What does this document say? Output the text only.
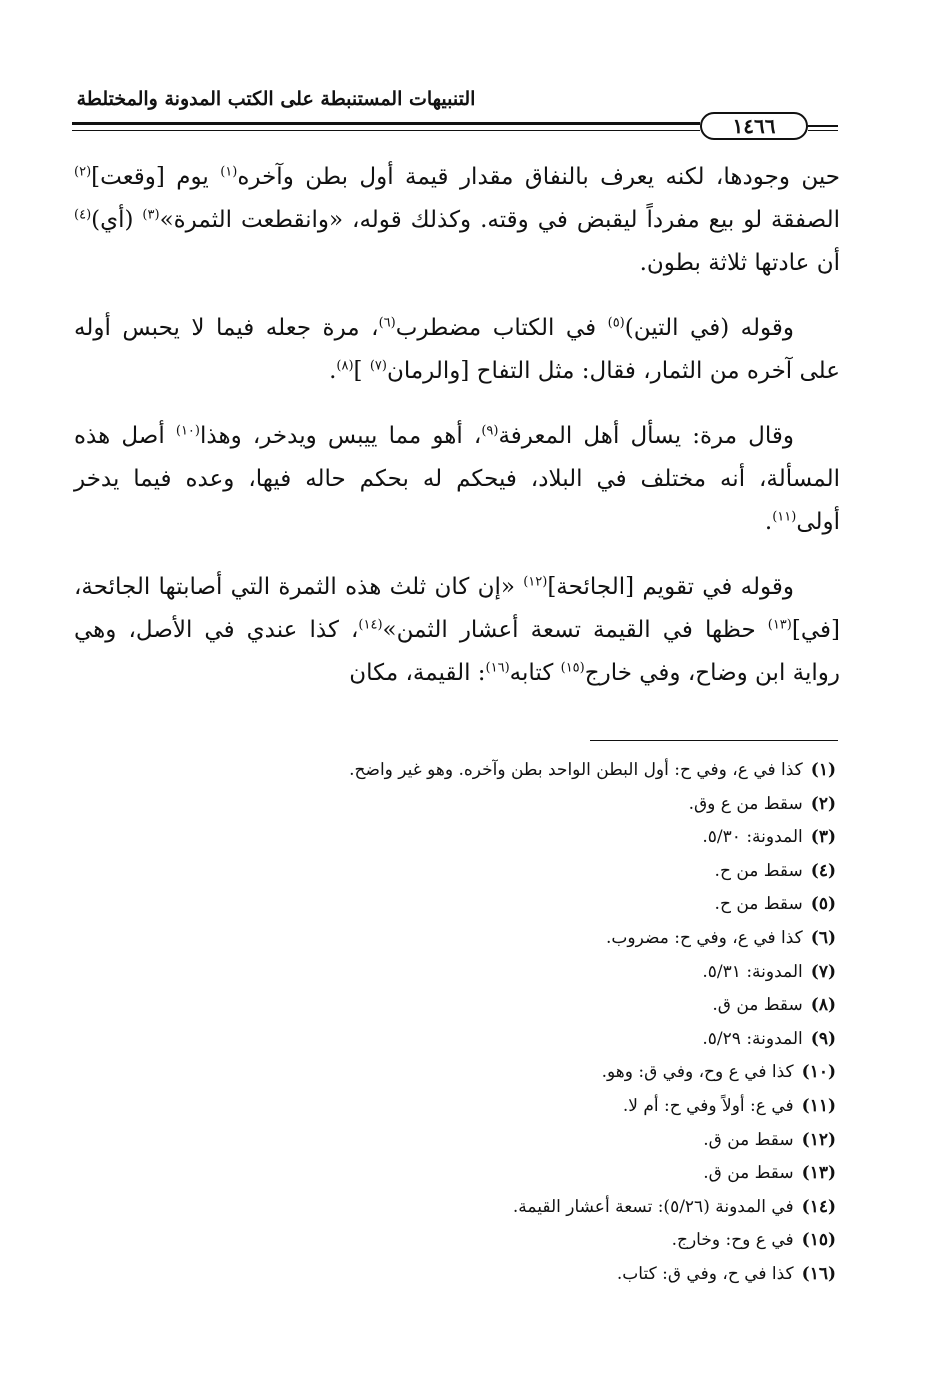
التنبيهات المستنبطة على الكتب المدونة والمختلطة
١٤٦٦

حين وجودها، لكنه يعرف بالنفاق مقدار قيمة أول بطن وآخره$^{(١)}$ يوم [وقعت]$^{(٢)}$ الصفقة لو بيع مفرداً ليقبض في وقته. وكذلك قوله، «وانقطعت الثمرة»$^{(٣)}$ (أي)$^{(٤)}$ أن عادتها ثلاثة بطون.

وقوله (في التين)$^{(٥)}$ في الكتاب مضطرب$^{(٦)}$، مرة جعله فيما لا يحبس أوله على آخره من الثمار، فقال: مثل التفاح [والرمان$^{(٧)}$ ]$^{(٨)}$.

وقال مرة: يسأل أهل المعرفة$^{(٩)}$، أهو مما ييبس ويدخر، وهذا$^{(١٠)}$ أصل هذه المسألة، أنه مختلف في البلاد، فيحكم له بحكم حاله فيها، وعده فيما يدخر أولى$^{(١١)}$.

وقوله في تقويم [الجائحة]$^{(١٢)}$ «إن كان ثلث هذه الثمرة التي أصابتها الجائحة، [في]$^{(١٣)}$ حظها في القيمة تسعة أعشار الثمن»$^{(١٤)}$، كذا عندي في الأصل، وهي رواية ابن وضاح، وفي خارج$^{(١٥)}$ كتابه$^{(١٦)}$: القيمة، مكان

(١)كذا في ع، وفي ح: أول البطن الواحد بطن وآخره. وهو غير واضح.
(٢)سقط من ع وق.
(٣)المدونة: ٥/٣٠.
(٤)سقط من ح.
(٥)سقط من ح.
(٦)كذا في ع، وفي ح: مضروب.
(٧)المدونة: ٥/٣١.
(٨)سقط من ق.
(٩)المدونة: ٥/٢٩.
(١٠)كذا في ع وح، وفي ق: وهو.
(١١)في ع: أولاً وفي ح: أم لا.
(١٢)سقط من ق.
(١٣)سقط من ق.
(١٤)في المدونة (٥/٢٦): تسعة أعشار القيمة.
(١٥)في ع وح: وخارج.
(١٦)كذا في ح، وفي ق: كتاب.
